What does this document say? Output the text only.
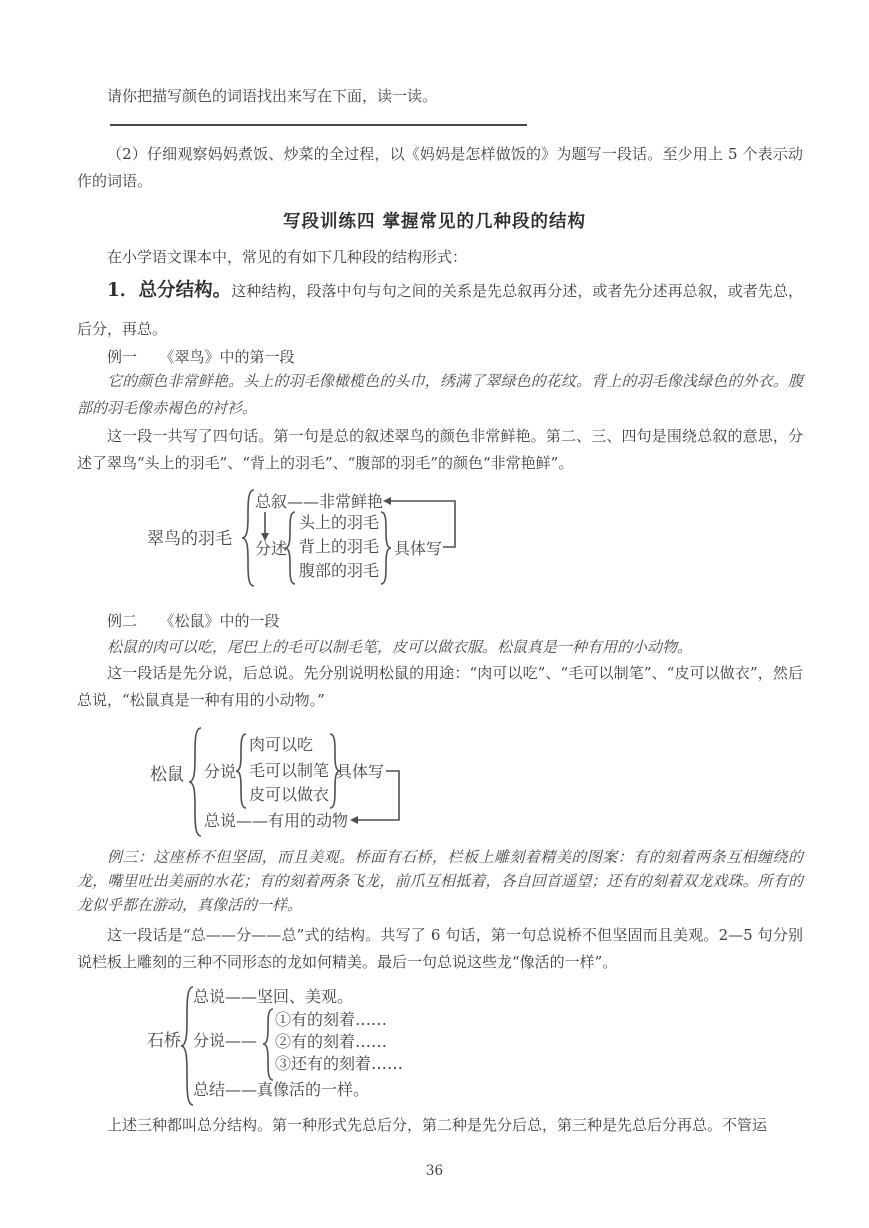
请你把描写颜色的词语找出来写在下面，读一读。
（2）仔细观察妈妈煮饭、炒菜的全过程，以《妈妈是怎样做饭的》为题写一段话。至少用上 5 个表示动作的词语。
写段训练四 掌握常见的几种段的结构
在小学语文课本中，常见的有如下几种段的结构形式：
1．总分结构。这种结构，段落中句与句之间的关系是先总叙再分述，或者先分述再总叙，或者先总，后分，再总。
例一　　《翠鸟》中的第一段
它的颜色非常鲜艳。头上的羽毛像橄榄色的头巾，绣满了翠绿色的花纹。背上的羽毛像浅绿色的外衣。腹部的羽毛像赤褐色的衬衫。
这一段一共写了四句话。第一句是总的叙述翠鸟的颜色非常鲜艳。第二、三、四句是围绕总叙的意思，分述了翠鸟“头上的羽毛”、“背上的羽毛”、“腹部的羽毛”的颜色“非常艳鲜”。
翠鸟的羽毛
总叙——非常鲜艳
分述
头上的羽毛
背上的羽毛
腹部的羽毛
具体写
例二　　《松鼠》中的一段
松鼠的肉可以吃，尾巴上的毛可以制毛笔，皮可以做衣服。松鼠真是一种有用的小动物。
这一段话是先分说，后总说。先分别说明松鼠的用途：“肉可以吃”、“毛可以制笔”、“皮可以做衣”，然后总说，“松鼠真是一种有用的小动物。”
松鼠 分说
肉可以吃
毛可以制笔
皮可以做衣
具体写
总说——有用的动物
例三：这座桥不但坚固，而且美观。桥面有石桥，栏板上雕刻着精美的图案：有的刻着两条互相缠绕的龙，嘴里吐出美丽的水花；有的刻着两条飞龙，前爪互相抵着，各自回首遥望；还有的刻着双龙戏珠。所有的龙似乎都在游动，真像活的一样。
这一段话是“总——分——总”式的结构。共写了 6 句话，第一句总说桥不但坚固而且美观。2—5 句分别说栏板上雕刻的三种不同形态的龙如何精美。最后一句总说这些龙“像活的一样”。
总说——坚回、美观。
石桥 分说——
①有的刻着……
②有的刻着……
③还有的刻着……
总结——真像活的一样。
上述三种都叫总分结构。第一种形式先总后分，第二种是先分后总，第三种是先总后分再总。不管运
36
